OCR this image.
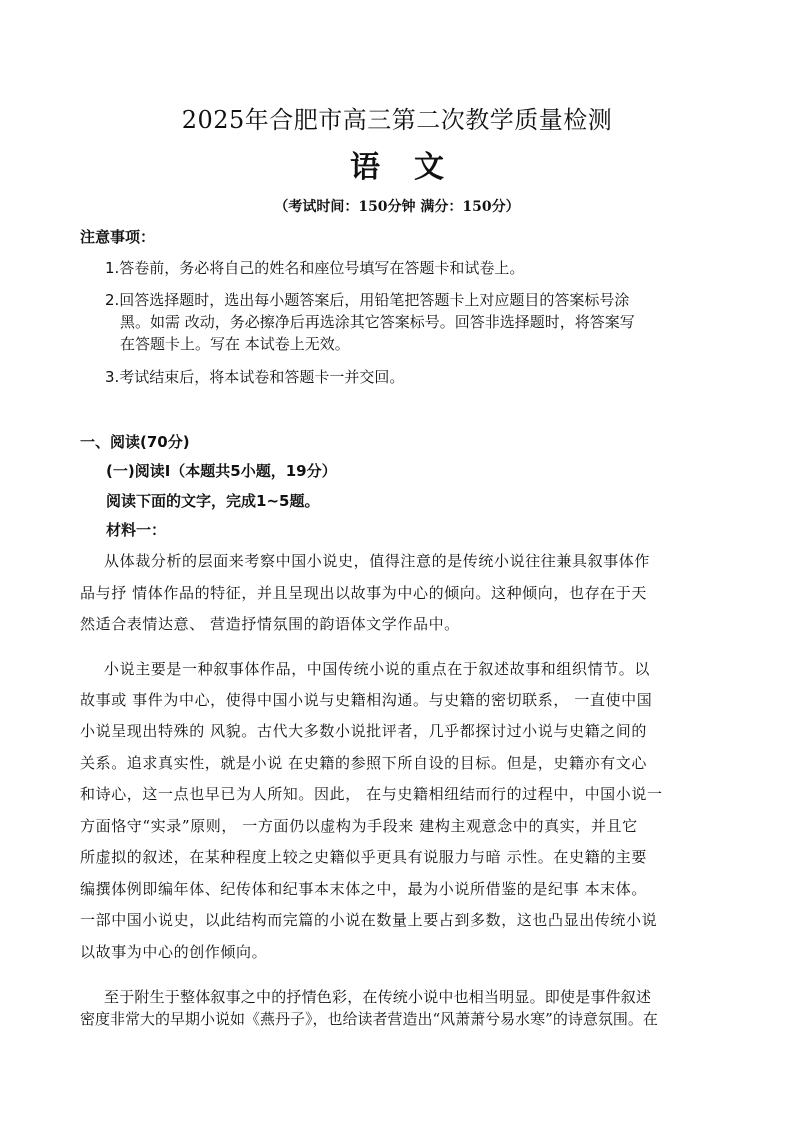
2025年合肥市高三第二次教学质量检测
语文
（考试时间：150分钟 满分：150分）
注意事项：
1.答卷前，务必将自己的姓名和座位号填写在答题卡和试卷上。
2.回答选择题时，选出每小题答案后，用铅笔把答题卡上对应题目的答案标号涂
黑。如需 改动，务必擦净后再选涂其它答案标号。回答非选择题时，将答案写
在答题卡上。写在 本试卷上无效。
3.考试结束后，将本试卷和答题卡一并交回。
一、阅读(70分)
(一)阅读I（本题共5小题，19分）
阅读下面的文字，完成1~5题。
材料一：
从体裁分析的层面来考察中国小说史，值得注意的是传统小说往往兼具叙事体作
品与抒 情体作品的特征，并且呈现出以故事为中心的倾向。这种倾向，也存在于天
然适合表情达意、 营造抒情氛围的韵语体文学作品中。
小说主要是一种叙事体作品，中国传统小说的重点在于叙述故事和组织情节。以
故事或 事件为中心，使得中国小说与史籍相沟通。与史籍的密切联系， 一直使中国
小说呈现出特殊的 风貌。古代大多数小说批评者，几乎都探讨过小说与史籍之间的
关系。追求真实性，就是小说 在史籍的参照下所自设的目标。但是，史籍亦有文心
和诗心，这一点也早已为人所知。因此， 在与史籍相纽结而行的过程中，中国小说一
方面恪守“实录”原则， 一方面仍以虚构为手段来 建构主观意念中的真实，并且它
所虚拟的叙述，在某种程度上较之史籍似乎更具有说服力与暗 示性。在史籍的主要
编撰体例即编年体、纪传体和纪事本末体之中，最为小说所借鉴的是纪事 本末体。
一部中国小说史，以此结构而完篇的小说在数量上要占到多数，这也凸显出传统小说
以故事为中心的创作倾向。
至于附生于整体叙事之中的抒情色彩，在传统小说中也相当明显。即使是事件叙述
密度非常大的早期小说如《燕丹子》，也给读者营造出“风萧萧兮易水寒”的诗意氛围。在
